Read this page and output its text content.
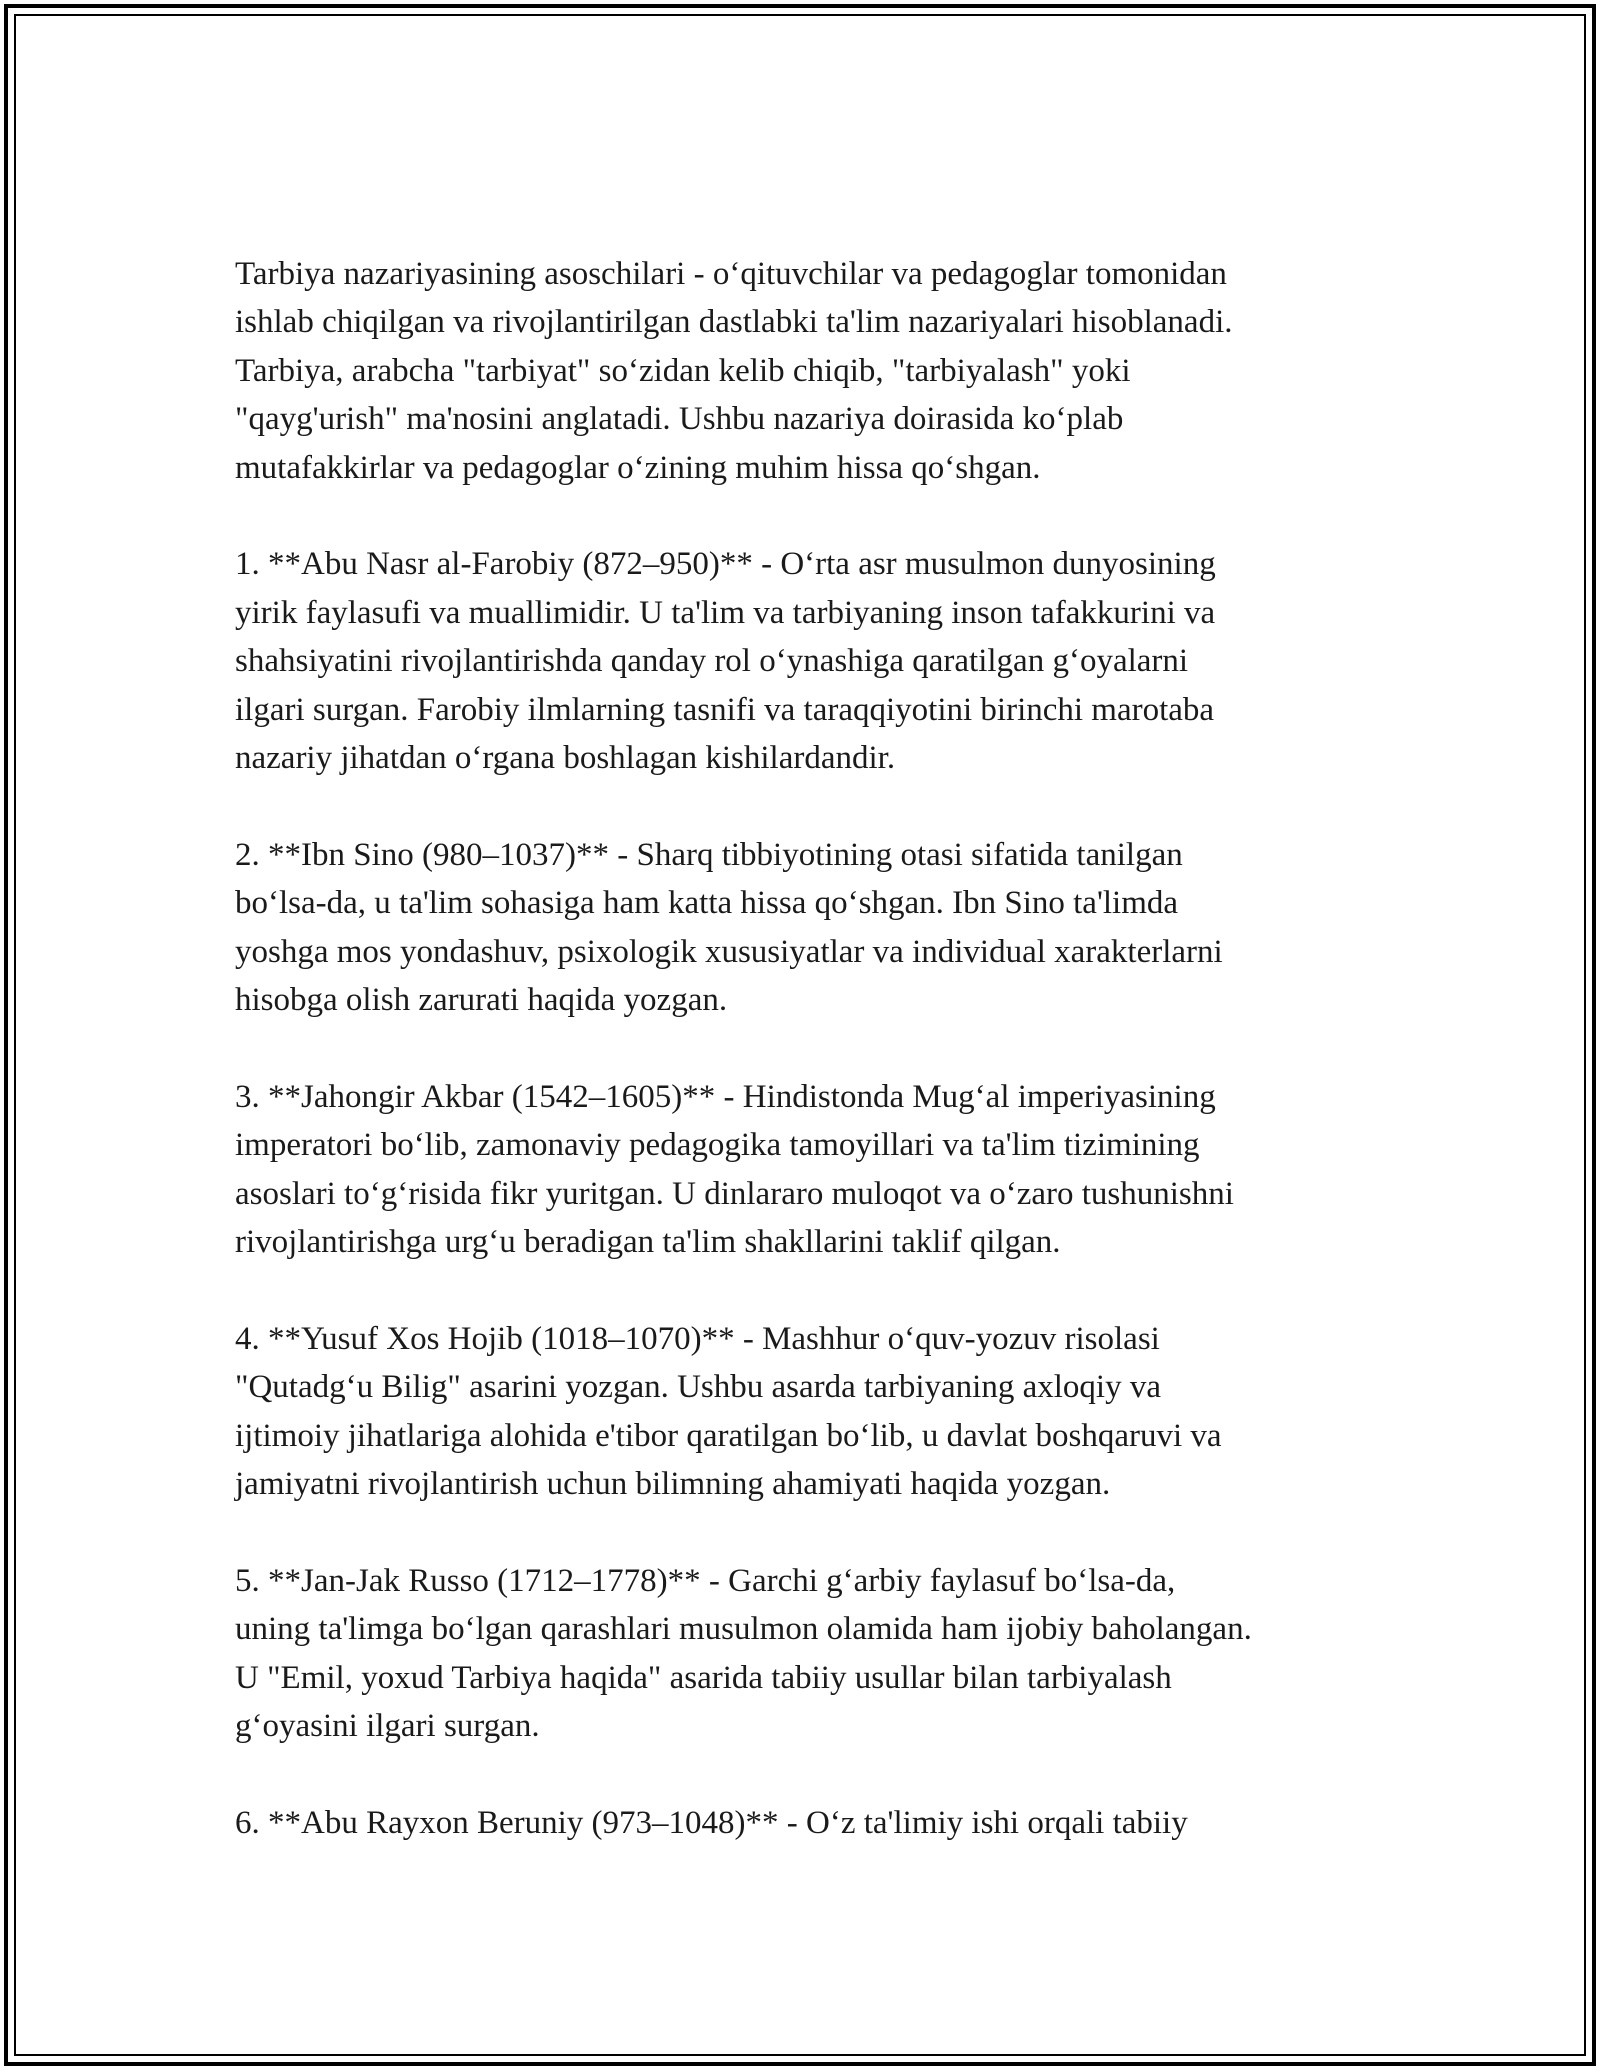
Tarbiya nazariyasining asoschilari - o‘qituvchilar va pedagoglar tomonidan
ishlab chiqilgan va rivojlantirilgan dastlabki ta'lim nazariyalari hisoblanadi.
Tarbiya, arabcha "tarbiyat" so‘zidan kelib chiqib, "tarbiyalash" yoki
"qayg'urish" ma'nosini anglatadi. Ushbu nazariya doirasida ko‘plab
mutafakkirlar va pedagoglar o‘zining muhim hissa qo‘shgan.

1. **Abu Nasr al-Farobiy (872–950)** - O‘rta asr musulmon dunyosining
yirik faylasufi va muallimidir. U ta'lim va tarbiyaning inson tafakkurini va
shahsiyatini rivojlantirishda qanday rol o‘ynashiga qaratilgan g‘oyalarni
ilgari surgan. Farobiy ilmlarning tasnifi va taraqqiyotini birinchi marotaba
nazariy jihatdan o‘rgana boshlagan kishilardandir.

2. **Ibn Sino (980–1037)** - Sharq tibbiyotining otasi sifatida tanilgan
bo‘lsa-da, u ta'lim sohasiga ham katta hissa qo‘shgan. Ibn Sino ta'limda
yoshga mos yondashuv, psixologik xususiyatlar va individual xarakterlarni
hisobga olish zarurati haqida yozgan.

3. **Jahongir Akbar (1542–1605)** - Hindistonda Mug‘al imperiyasining
imperatori bo‘lib, zamonaviy pedagogika tamoyillari va ta'lim tizimining
asoslari to‘g‘risida fikr yuritgan. U dinlararo muloqot va o‘zaro tushunishni
rivojlantirishga urg‘u beradigan ta'lim shakllarini taklif qilgan.

4. **Yusuf Xos Hojib (1018–1070)** - Mashhur o‘quv-yozuv risolasi
"Qutadg‘u Bilig" asarini yozgan. Ushbu asarda tarbiyaning axloqiy va
ijtimoiy jihatlariga alohida e'tibor qaratilgan bo‘lib, u davlat boshqaruvi va
jamiyatni rivojlantirish uchun bilimning ahamiyati haqida yozgan.

5. **Jan-Jak Russo (1712–1778)** - Garchi g‘arbiy faylasuf bo‘lsa-da,
uning ta'limga bo‘lgan qarashlari musulmon olamida ham ijobiy baholangan.
U "Emil, yoxud Tarbiya haqida" asarida tabiiy usullar bilan tarbiyalash
g‘oyasini ilgari surgan.

6. **Abu Rayxon Beruniy (973–1048)** - O‘z ta'limiy ishi orqali tabiiy
